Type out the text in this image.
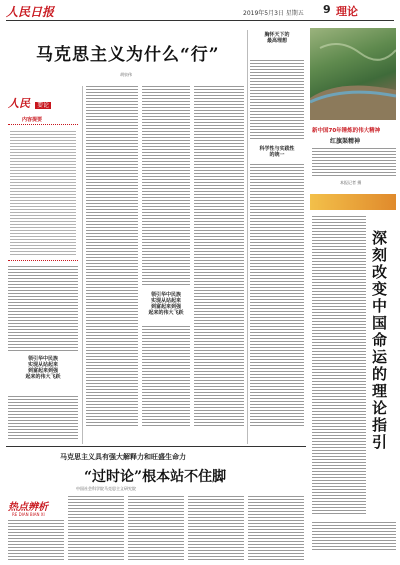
人民日报	2019年5月3日 星期五 9 理论
马克思主义为什么“行”
胡泉伟
人民 要论
内容提要
领引华中民族
实现从站起来
到富起来到强
起来的伟大飞跃
领引华中民族
实现从站起来
到富起来到强
起来的伟大飞跃
胸怀天下的
最高理想
科学性与实践性
的统一
新中国70年锤炼的伟大精神
红旗渠精神
本报记者 摄
深刻改变中国命运的理论指引
马克思主义具有强大解释力和旺盛生命力
“过时论”根本站不住脚
中国社会科学院马克思主义研究院
热点辨析
RE DIAN BIAN XI
